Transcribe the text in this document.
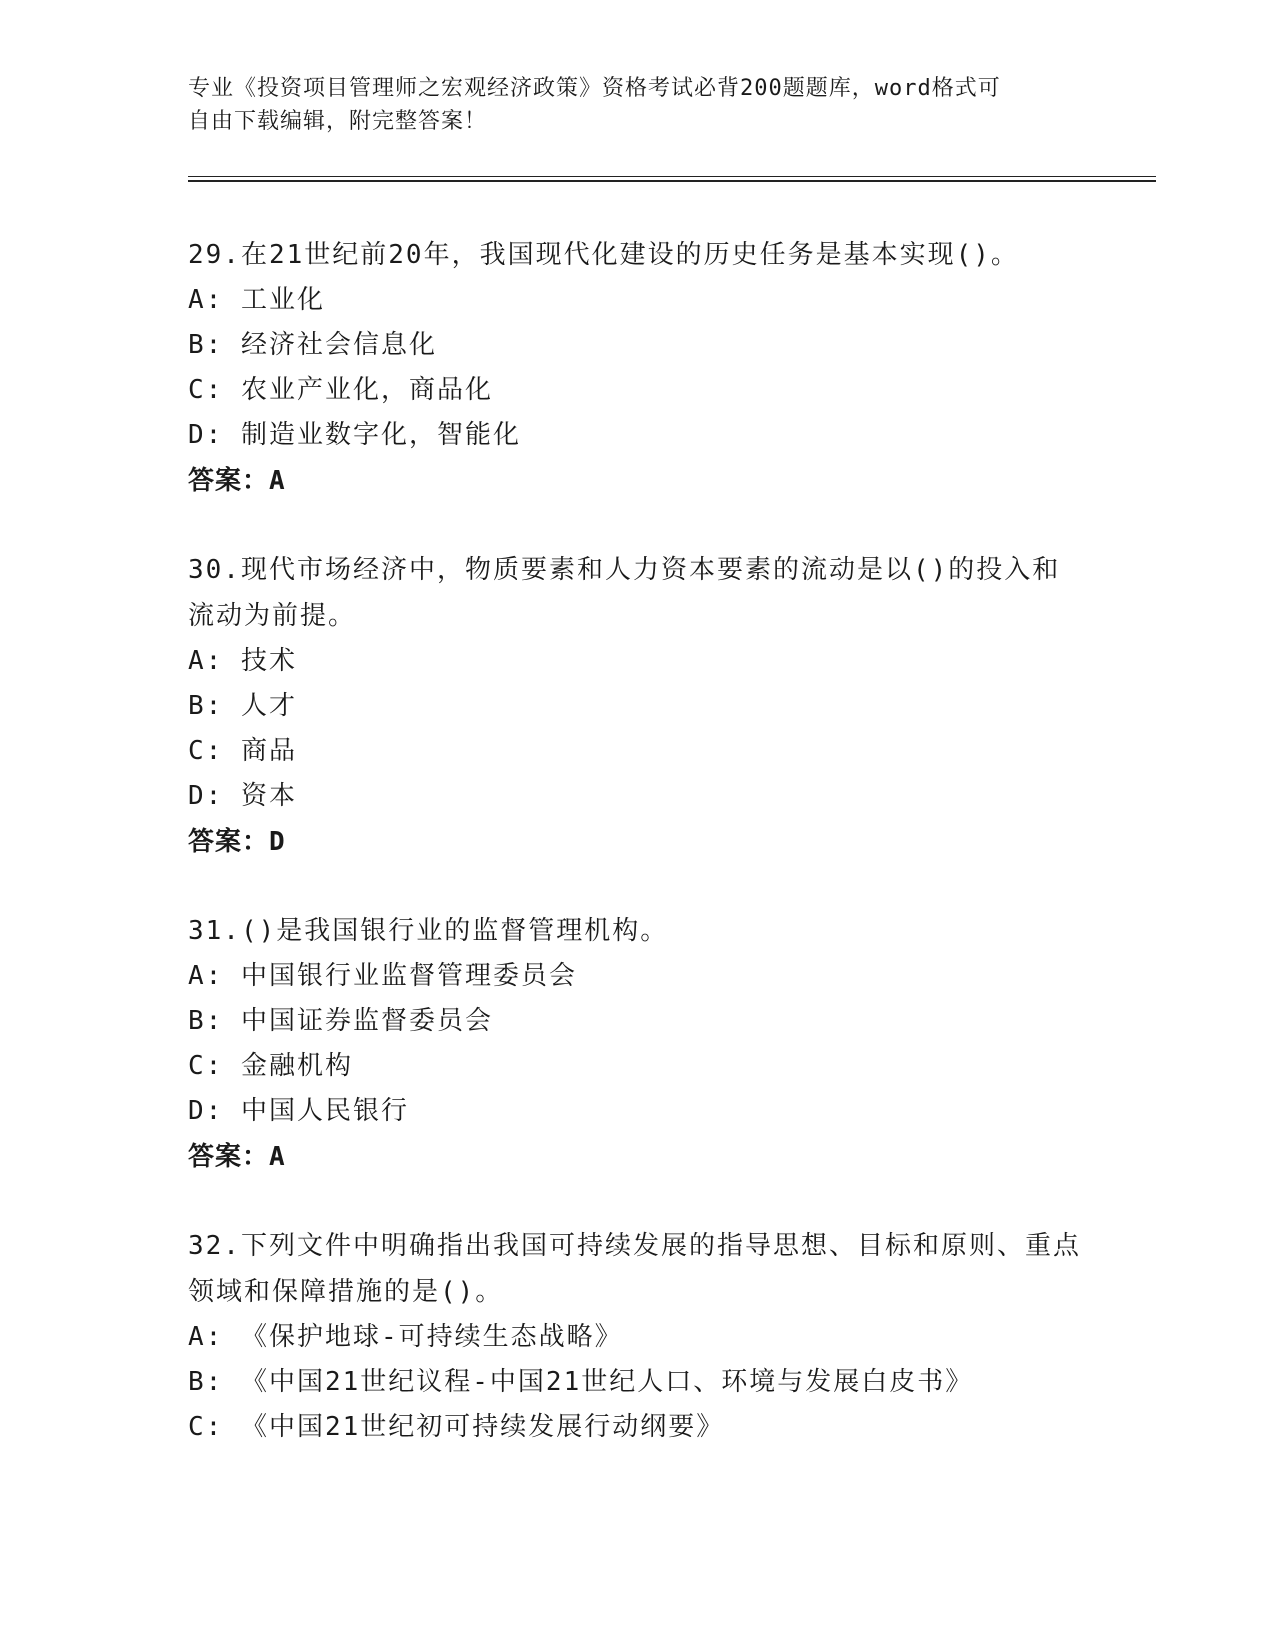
专业《投资项目管理师之宏观经济政策》资格考试必背200题题库，word格式可
自由下载编辑，附完整答案！
29.在21世纪前20年，我国现代化建设的历史任务是基本实现()。
A: 工业化
B: 经济社会信息化
C: 农业产业化，商品化
D: 制造业数字化，智能化
答案：A
30.现代市场经济中，物质要素和人力资本要素的流动是以()的投入和流动为前提。
A: 技术
B: 人才
C: 商品
D: 资本
答案：D
31.()是我国银行业的监督管理机构。
A: 中国银行业监督管理委员会
B: 中国证券监督委员会
C: 金融机构
D: 中国人民银行
答案：A
32.下列文件中明确指出我国可持续发展的指导思想、目标和原则、重点领域和保障措施的是()。
A: 《保护地球-可持续生态战略》
B: 《中国21世纪议程-中国21世纪人口、环境与发展白皮书》
C: 《中国21世纪初可持续发展行动纲要》
